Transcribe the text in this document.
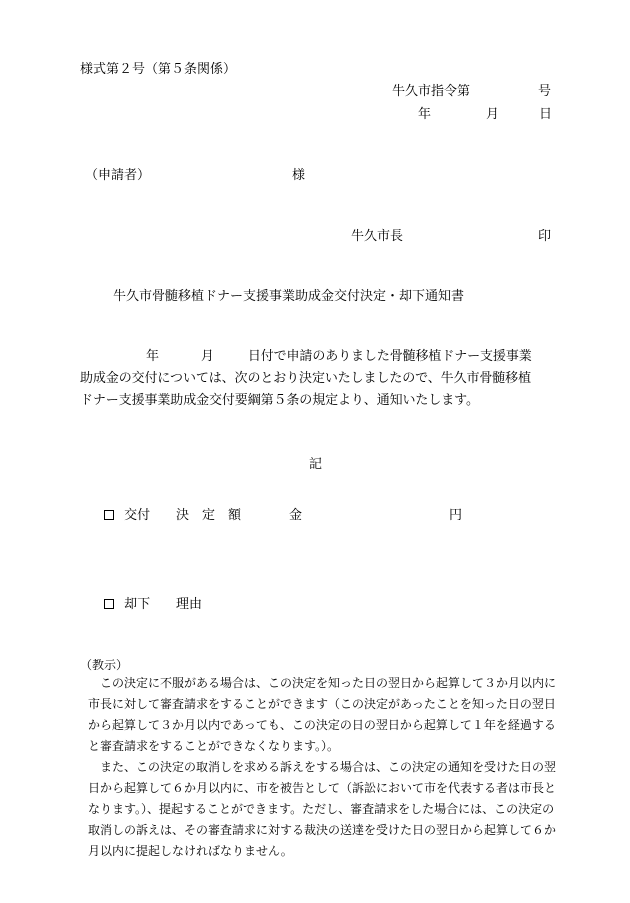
様式第２号（第５条関係）
牛久市指令第	号
年	月	日
（申請者）	様
牛久市長	印
牛久市骨髄移植ドナー支援事業助成金交付決定・却下通知書
年	月	日付で申請のありました骨髄移植ドナー支援事業
助成金の交付については、次のとおり決定いたしましたので、牛久市骨髄移植
ドナー支援事業助成金交付要綱第５条の規定より、通知いたします。
記
交付 決 定 額	金	円
却下 理由
（教示）
　この決定に不服がある場合は、この決定を知った日の翌日から起算して３か月以内に
市長に対して審査請求をすることができます（この決定があったことを知った日の翌日
から起算して３か月以内であっても、この決定の日の翌日から起算して１年を経過する
と審査請求をすることができなくなります。）。
　また、この決定の取消しを求める訴えをする場合は、この決定の通知を受けた日の翌
日から起算して６か月以内に、市を被告として（訴訟において市を代表する者は市長と
なります。）、提起することができます。ただし、審査請求をした場合には、この決定の
取消しの訴えは、その審査請求に対する裁決の送達を受けた日の翌日から起算して６か
月以内に提起しなければなりません。
